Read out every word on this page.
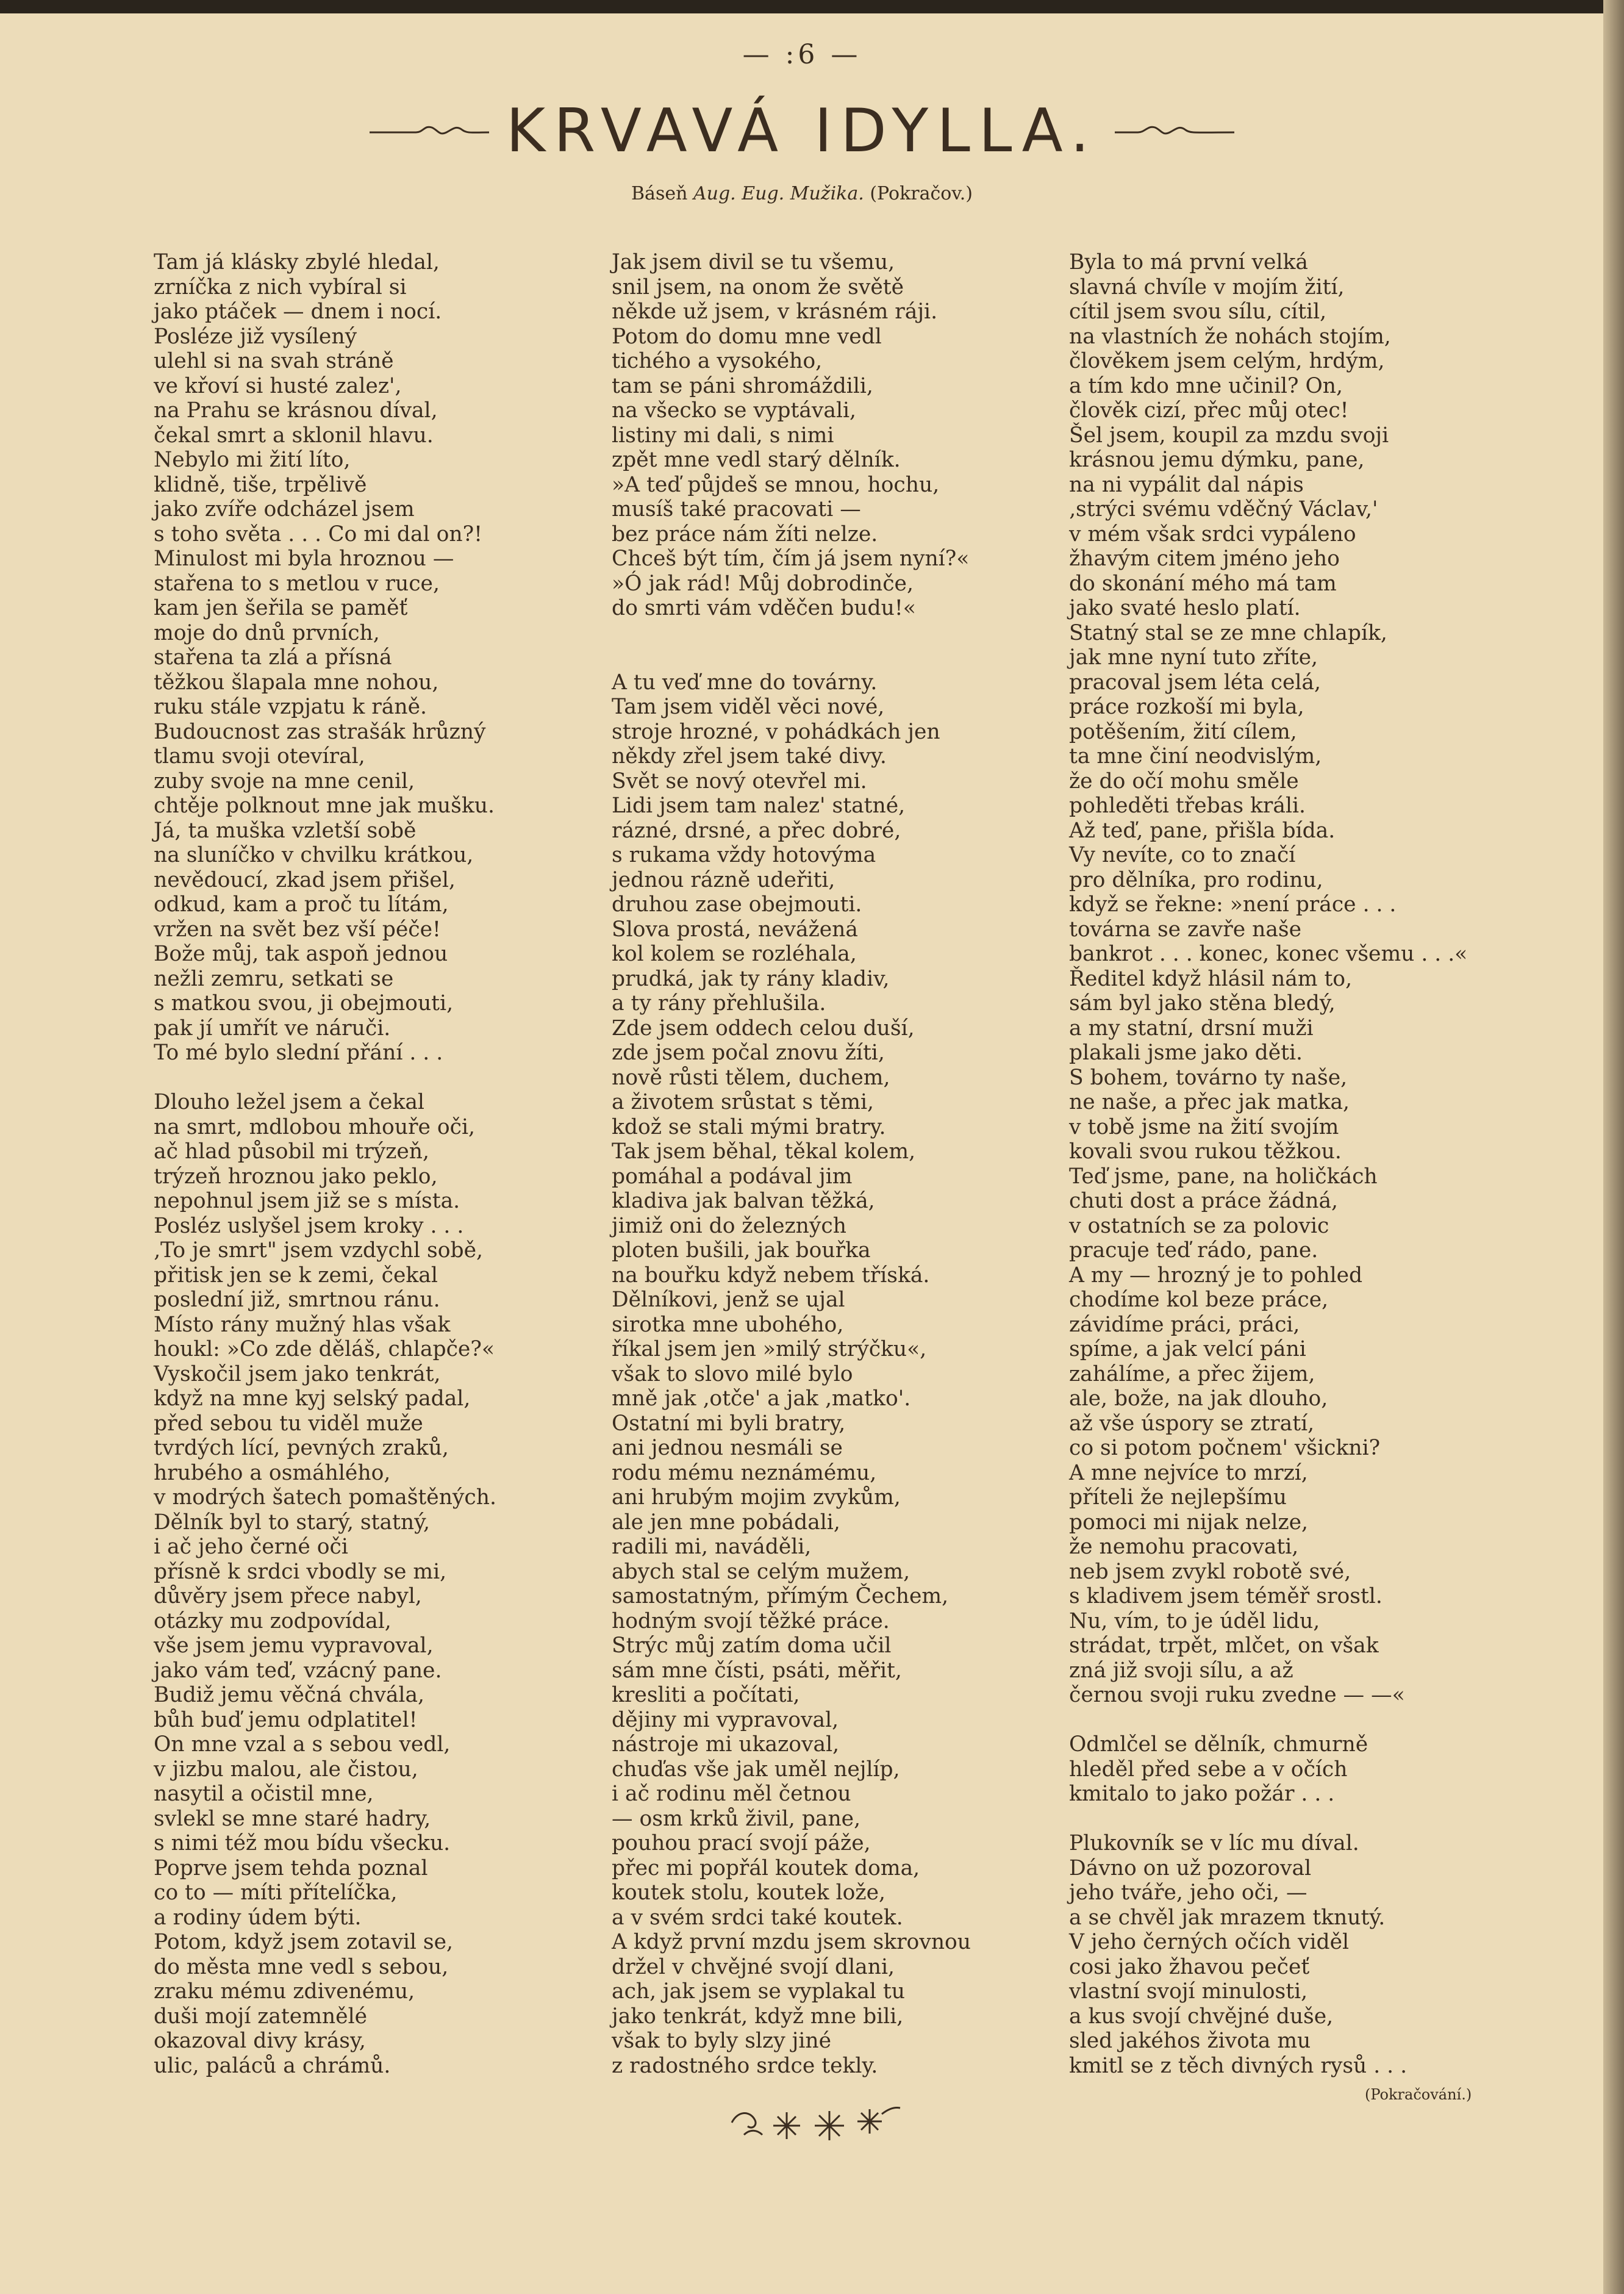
— :6 —
KRVAVÁ IDYLLA.
Báseň Aug. Eug. Mužika. (Pokračov.)
Tam já klásky zbylé hledal,
zrníčka z nich vybíral si
jako ptáček — dnem i nocí.
Posléze již vysílený
ulehl si na svah stráně
ve křoví si husté zalez',
na Prahu se krásnou díval,
čekal smrt a sklonil hlavu.
Nebylo mi žití líto,
klidně, tiše, trpělivě
jako zvíře odcházel jsem
s toho světa . . . Co mi dal on?!
Minulost mi byla hroznou —
stařena to s metlou v ruce,
kam jen šeřila se paměť
moje do dnů prvních,
stařena ta zlá a přísná
těžkou šlapala mne nohou,
ruku stále vzpjatu k ráně.
Budoucnost zas strašák hrůzný
tlamu svoji otevíral,
zuby svoje na mne cenil,
chtěje polknout mne jak mušku.
Já, ta muška vzletší sobě
na sluníčko v chvilku krátkou,
nevědoucí, zkad jsem přišel,
odkud, kam a proč tu lítám,
vržen na svět bez vší péče!
Bože můj, tak aspoň jednou
nežli zemru, setkati se
s matkou svou, ji obejmouti,
pak jí umřít ve náruči.
To mé bylo slední přání . . .
Dlouho ležel jsem a čekal
na smrt, mdlobou mhouře oči,
ač hlad působil mi trýzeň,
trýzeň hroznou jako peklo,
nepohnul jsem již se s místa.
Posléz uslyšel jsem kroky . . .
‚To je smrt" jsem vzdychl sobě,
přitisk jen se k zemi, čekal
poslední již, smrtnou ránu.
Místo rány mužný hlas však
houkl: »Co zde děláš, chlapče?«
Vyskočil jsem jako tenkrát,
když na mne kyj selský padal,
před sebou tu viděl muže
tvrdých lící, pevných zraků,
hrubého a osmáhlého,
v modrých šatech pomaštěných.
Dělník byl to starý, statný,
i ač jeho černé oči
přísně k srdci vbodly se mi,
důvěry jsem přece nabyl,
otázky mu zodpovídal,
vše jsem jemu vypravoval,
jako vám teď, vzácný pane.
Budiž jemu věčná chvála,
bůh buď jemu odplatitel!
On mne vzal a s sebou vedl,
v jizbu malou, ale čistou,
nasytil a očistil mne,
svlekl se mne staré hadry,
s nimi též mou bídu všecku.
Poprve jsem tehda poznal
co to — míti přítelíčka,
a rodiny údem býti.
Potom, když jsem zotavil se,
do města mne vedl s sebou,
zraku mému zdivenému,
duši mojí zatemnělé
okazoval divy krásy,
ulic, paláců a chrámů.
Jak jsem divil se tu všemu,
snil jsem, na onom že světě
někde už jsem, v krásném ráji.
Potom do domu mne vedl
tichého a vysokého,
tam se páni shromáždili,
na všecko se vyptávali,
listiny mi dali, s nimi
zpět mne vedl starý dělník.
»A teď půjdeš se mnou, hochu,
musíš také pracovati —
bez práce nám žíti nelze.
Chceš být tím, čím já jsem nyní?«
»Ó jak rád! Můj dobrodinče,
do smrti vám vděčen budu!«
A tu veď mne do továrny.
Tam jsem viděl věci nové,
stroje hrozné, v pohádkách jen
někdy zřel jsem také divy.
Svět se nový otevřel mi.
Lidi jsem tam nalez' statné,
rázné, drsné, a přec dobré,
s rukama vždy hotovýma
jednou rázně udeřiti,
druhou zase obejmouti.
Slova prostá, nevážená
kol kolem se rozléhala,
prudká, jak ty rány kladiv,
a ty rány přehlušila.
Zde jsem oddech celou duší,
zde jsem počal znovu žíti,
nově růsti tělem, duchem,
a životem srůstat s těmi,
kdož se stali mými bratry.
Tak jsem běhal, těkal kolem,
pomáhal a podával jim
kladiva jak balvan těžká,
jimiž oni do železných
ploten bušili, jak bouřka
na bouřku když nebem tříská.
Dělníkovi, jenž se ujal
sirotka mne ubohého,
říkal jsem jen »milý strýčku«,
však to slovo milé bylo
mně jak ‚otče' a jak ‚matko'.
Ostatní mi byli bratry,
ani jednou nesmáli se
rodu mému neznámému,
ani hrubým mojim zvykům,
ale jen mne pobádali,
radili mi, naváděli,
abych stal se celým mužem,
samostatným, přímým Čechem,
hodným svojí těžké práce.
Strýc můj zatím doma učil
sám mne čísti, psáti, měřit,
kresliti a počítati,
dějiny mi vypravoval,
nástroje mi ukazoval,
chuďas vše jak uměl nejlíp,
i ač rodinu měl četnou
— osm krků živil, pane,
pouhou prací svojí páže,
přec mi popřál koutek doma,
koutek stolu, koutek lože,
a v svém srdci také koutek.
A když první mzdu jsem skrovnou
držel v chvějné svojí dlani,
ach, jak jsem se vyplakal tu
jako tenkrát, když mne bili,
však to byly slzy jiné
z radostného srdce tekly.
Byla to má první velká
slavná chvíle v mojím žití,
cítil jsem svou sílu, cítil,
na vlastních že nohách stojím,
člověkem jsem celým, hrdým,
a tím kdo mne učinil? On,
člověk cizí, přec můj otec!
Šel jsem, koupil za mzdu svoji
krásnou jemu dýmku, pane,
na ni vypálit dal nápis
‚strýci svému vděčný Václav,'
v mém však srdci vypáleno
žhavým citem jméno jeho
do skonání mého má tam
jako svaté heslo platí.
Statný stal se ze mne chlapík,
jak mne nyní tuto zříte,
pracoval jsem léta celá,
práce rozkoší mi byla,
potěšením, žití cílem,
ta mne činí neodvislým,
že do očí mohu směle
pohleděti třebas králi.
Až teď, pane, přišla bída.
Vy nevíte, co to značí
pro dělníka, pro rodinu,
když se řekne: »není práce . . .
továrna se zavře naše
bankrot . . . konec, konec všemu . . .«
Ředitel když hlásil nám to,
sám byl jako stěna bledý,
a my statní, drsní muži
plakali jsme jako děti.
S bohem, továrno ty naše,
ne naše, a přec jak matka,
v tobě jsme na žití svojím
kovali svou rukou těžkou.
Teď jsme, pane, na holičkách
chuti dost a práce žádná,
v ostatních se za polovic
pracuje teď rádo, pane.
A my — hrozný je to pohled
chodíme kol beze práce,
závidíme práci, práci,
spíme, a jak velcí páni
zahálíme, a přec žijem,
ale, bože, na jak dlouho,
až vše úspory se ztratí,
co si potom počnem' všickni?
A mne nejvíce to mrzí,
příteli že nejlepšímu
pomoci mi nijak nelze,
že nemohu pracovati,
neb jsem zvykl robotě své,
s kladivem jsem téměř srostl.
Nu, vím, to je úděl lidu,
strádat, trpět, mlčet, on však
zná již svoji sílu, a až
černou svoji ruku zvedne — —«
Odmlčel se dělník, chmurně
hleděl před sebe a v očích
kmitalo to jako požár . . .
Plukovník se v líc mu díval.
Dávno on už pozoroval
jeho tváře, jeho oči, —
a se chvěl jak mrazem tknutý.
V jeho černých očích viděl
cosi jako žhavou pečeť
vlastní svojí minulosti,
a kus svojí chvějné duše,
sled jakéhos života mu
kmitl se z těch divných rysů . . .
(Pokračování.)
